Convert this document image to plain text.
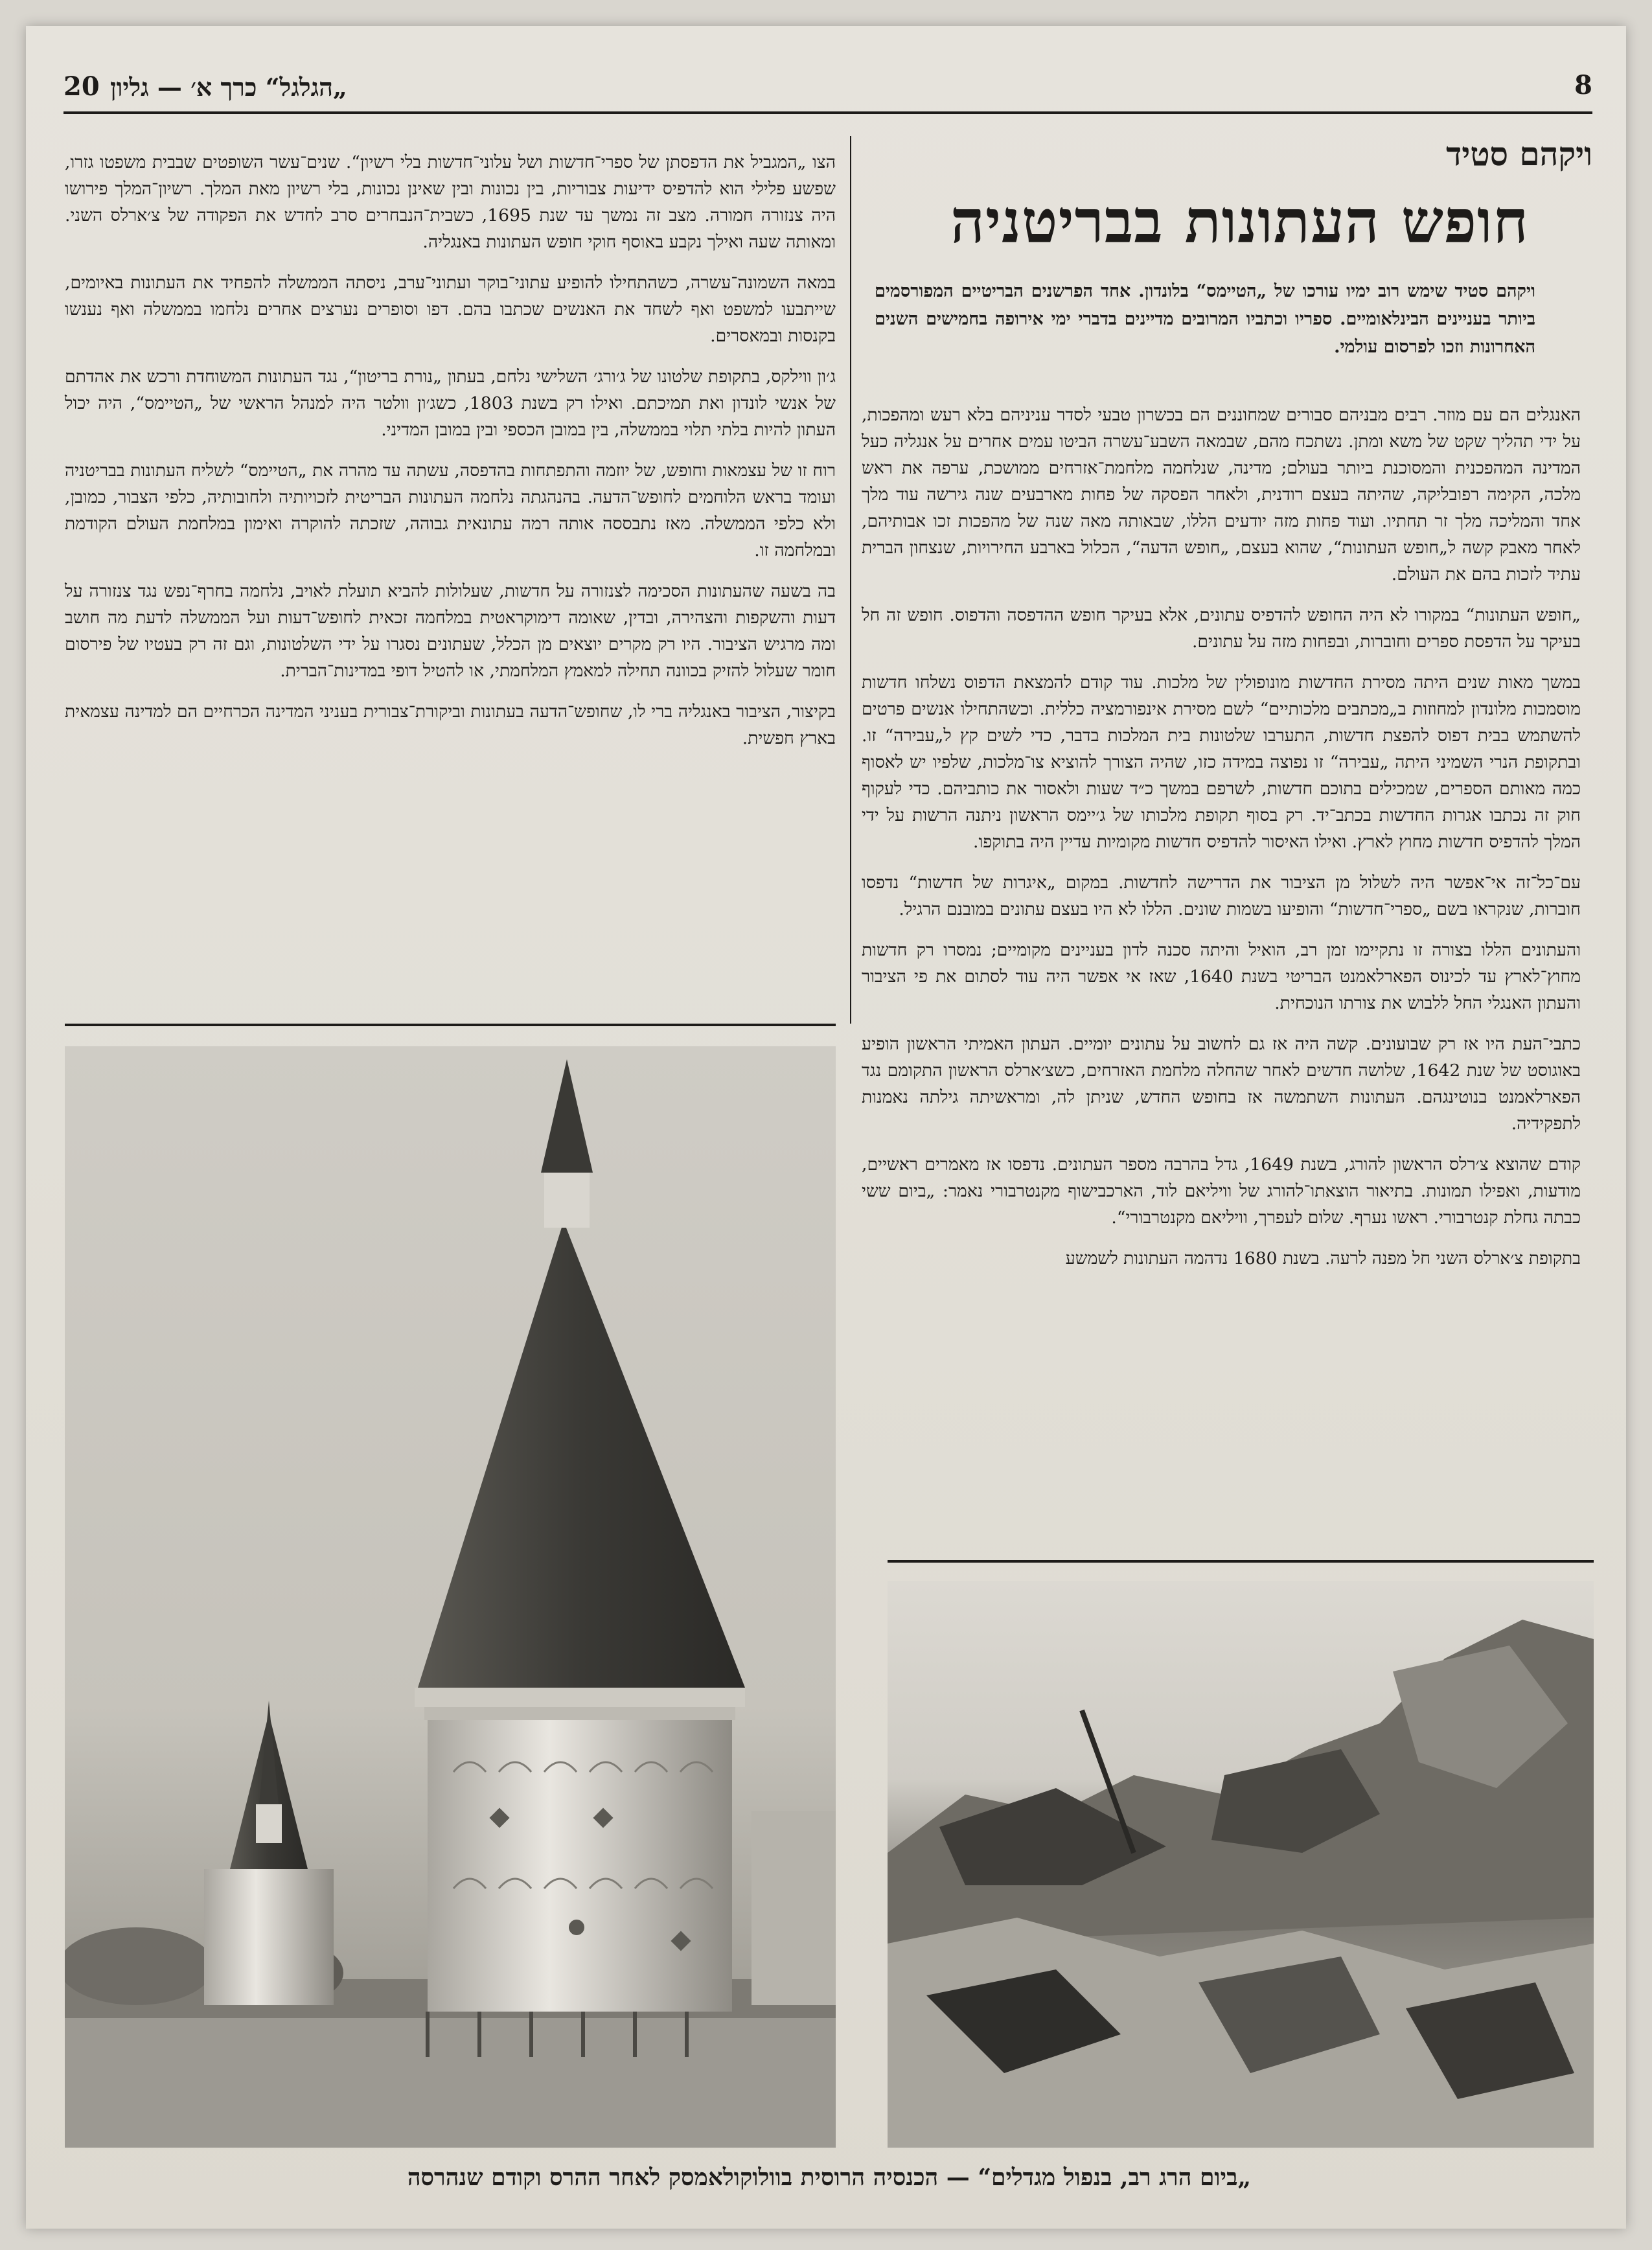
20 „הגלגל“ כרך א׳ — גליון	8
ויקהם סטיד
חופש העתונות בבריטניה
ויקהם סטיד שימש רוב ימיו עורכו של „הטיימס“ בלונדון. אחד הפרשנים הבריטיים המפורסמים ביותר בעניינים הבינלאומיים. ספריו וכתביו המרובים מדיינים בדברי ימי אירופה בחמישים השנים האחרונות וזכו לפרסום עולמי.

האנגלים הם עם מוזר. רבים מבניהם סבורים שמחוננים הם בכשרון טבעי לסדר עניניהם בלא רעש ומהפכות, על ידי תהליך שקט של משא ומתן. נשתכח מהם, שבמאה השבע־עשרה הביטו עמים אחרים על אנגליה כעל המדינה המהפכנית והמסוכנת ביותר בעולם; מדינה, שנלחמה מלחמת־אזרחים ממושכת, ערפה את ראש מלכה, הקימה רפובליקה, שהיתה בעצם רודנית, ולאחר הפסקה של פחות מארבעים שנה גירשה עוד מלך אחד והמליכה מלך זר תחתיו. ועוד פחות מזה יודעים הללו, שבאותה מאה שנה של מהפכות זכו אבותיהם, לאחר מאבק קשה ל„חופש העתונות“, שהוא בעצם, „חופש הדעה“, הכלול בארבע החירויות, שנצחון הברית עתיד לזכות בהם את העולם.

„חופש העתונות“ במקורו לא היה החופש להדפיס עתונים, אלא בעיקר חופש ההדפסה והדפוס. חופש זה חל בעיקר על הדפסת ספרים וחוברות, ובפחות מזה על עתונים.

במשך מאות שנים היתה מסירת החדשות מונופולין של מלכות. עוד קודם להמצאת הדפוס נשלחו חדשות מוסמכות מלונדון למחוזות ב„מכתבים מלכותיים“ לשם מסירת אינפורמציה כללית. וכשהתחילו אנשים פרטים להשתמש בבית דפוס להפצת חדשות, התערבו שלטונות בית המלכות בדבר, כדי לשים קץ ל„עבירה“ זו. ובתקופת הנרי השמיני היתה „עבירה“ זו נפוצה במידה כזו, שהיה הצורך להוציא צו־מלכות, שלפיו יש לאסוף כמה מאותם הספרים, שמכילים בתוכם חדשות, לשרפם במשך כ״ד שעות ולאסור את כותביהם. כדי לעקוף חוק זה נכתבו אגרות החדשות בכתב־יד. רק בסוף תקופת מלכותו של ג׳יימס הראשון ניתנה הרשות על ידי המלך להדפיס חדשות מחוץ לארץ. ואילו האיסור להדפיס חדשות מקומיות עדיין היה בתוקפו.

עם־כל־זה אי־אפשר היה לשלול מן הציבור את הדרישה לחדשות. במקום „איגרות של חדשות“ נדפסו חוברות, שנקראו בשם „ספרי־חדשות“ והופיעו בשמות שונים. הללו לא היו בעצם עתונים במובנם הרגיל.

והעתונים הללו בצורה זו נתקיימו זמן רב, הואיל והיתה סכנה לדון בעניינים מקומיים; נמסרו רק חדשות מחוץ־לארץ עד לכינוס הפארלאמנט הבריטי בשנת 1640, שאז אי אפשר היה עוד לסתום את פי הציבור והעתון האנגלי החל ללבוש את צורתו הנוכחית.

כתבי־העת היו אז רק שבועונים. קשה היה אז גם לחשוב על עתונים יומיים. העתון האמיתי הראשון הופיע באוגוסט של שנת 1642, שלושה חדשים לאחר שהחלה מלחמת האזרחים, כשצ׳ארלס הראשון התקומם נגד הפארלאמנט בנוטינגהם. העתונות השתמשה אז בחופש החדש, שניתן לה, ומראשיתה גילתה נאמנות לתפקידיה.

קודם שהוצא צ׳רלס הראשון להורג, בשנת 1649, גדל בהרבה מספר העתונים. נדפסו אז מאמרים ראשיים, מודעות, ואפילו תמונות. בתיאור הוצאתו־להורג של וויליאם לוד, הארכבישוף מקנטרבורי נאמר: „ביום ששי כבתה גחלת קנטרבורי. ראשו נערף. שלום לעפרך, וויליאם מקנטרבורי“.

בתקופת צ׳ארלס השני חל מפנה לרעה. בשנת 1680 נדהמה העתונות לשמשע

הצו „המגביל את הדפסתן של ספרי־חדשות ושל עלוני־חדשות בלי רשיון“. שנים־עשר השופטים שבבית משפטו גזרו, שפשע פלילי הוא להדפיס ידיעות צבוריות, בין נכונות ובין שאינן נכונות, בלי רשיון מאת המלך. רשיון־המלך פירושו היה צנזורה חמורה. מצב זה נמשך עד שנת 1695, כשבית־הנבחרים סרב לחדש את הפקודה של צ׳ארלס השני. ומאותה שעה ואילך נקבע באוסף חוקי חופש העתונות באנגליה.

במאה השמונה־עשרה, כשהתחילו להופיע עתוני־בוקר ועתוני־ערב, ניסתה הממשלה להפחיד את העתונות באיומים, שייתבעו למשפט ואף לשחד את האנשים שכתבו בהם. דפו וסופרים נערצים אחרים נלחמו בממשלה ואף נענשו בקנסות ובמאסרים.

ג׳ון ווילקס, בתקופת שלטונו של ג׳ורג׳ השלישי נלחם, בעתון „נורת בריטון“, נגד העתונות המשוחדת ורכש את אהדתם של אנשי לונדון ואת תמיכתם. ואילו רק בשנת 1803, כשג׳ון וולטר היה למנהל הראשי של „הטיימס“, היה יכול העתון להיות בלתי תלוי בממשלה, בין במובן הכספי ובין במובן המדיני.

רוח זו של עצמאות וחופש, של יוזמה והתפתחות בהדפסה, עשתה עד מהרה את „הטיימס“ לשליח העתונות בבריטניה ועומד בראש הלוחמים לחופש־הדעה. בהנהגתה נלחמה העתונות הבריטית לזכויותיה ולחובותיה, כלפי הצבור, כמובן, ולא כלפי הממשלה. מאז נתבססה אותה רמה עתונאית גבוהה, שזכתה להוקרה ואימון במלחמת העולם הקודמת ובמלחמה זו.

בה בשעה שהעתונות הסכימה לצנזורה על חדשות, שעלולות להביא תועלת לאויב, נלחמה בחרף־נפש נגד צנזורה על דעות והשקפות והצהירה, ובדין, שאומה דימוקראטית במלחמה זכאית לחופש־דעות ועל הממשלה לדעת מה חושב ומה מרגיש הציבור. היו רק מקרים יוצאים מן הכלל, שעתונים נסגרו על ידי השלטונות, וגם זה רק בעטיו של פירסום חומר שעלול להזיק בכוונה תחילה למאמץ המלחמתי, או להטיל דופי במדינות־הברית.

בקיצור, הציבור באנגליה ברי לו, שחופש־הדעה בעתונות וביקורת־צבורית בעניני המדינה הכרחיים הם למדינה עצמאית בארץ חפשית.

„ביום הרג רב, בנפול מגדלים“ — הכנסיה הרוסית בוולוקולאמסק לאחר ההרס וקודם שנהרסה
